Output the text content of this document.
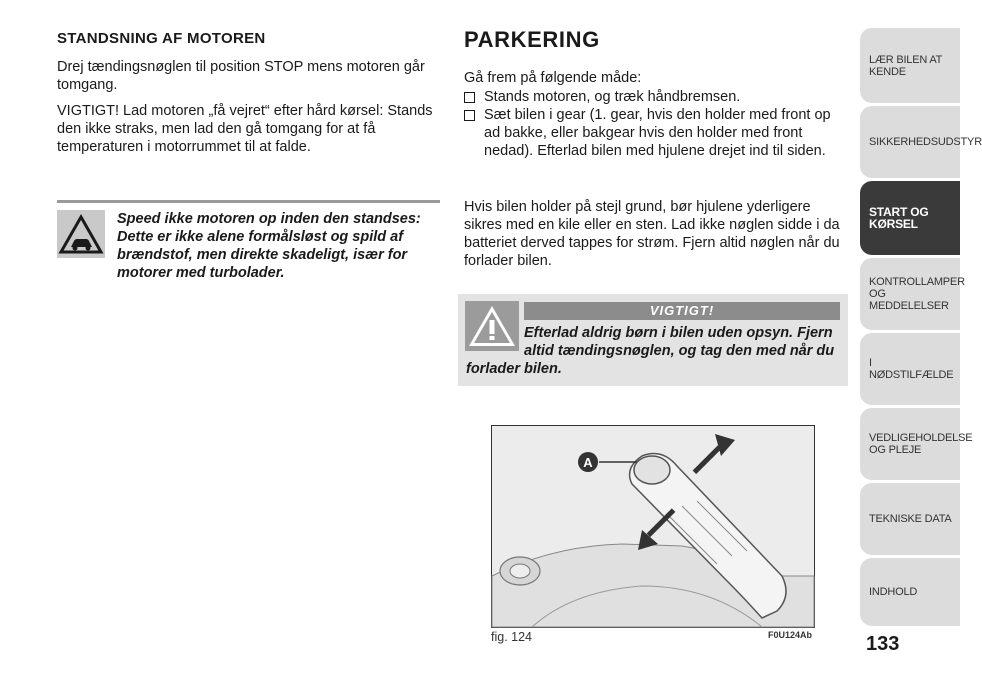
STANDSNING AF MOTOREN

Drej tændingsnøglen til position STOP mens motoren går tomgang.

VIGTIGT! Lad motoren „få vejret“ efter hård kørsel: Stands den ikke straks, men lad den gå tomgang for at få temperaturen i motorrummet til at falde.

Speed ikke motoren op inden den standses: Dette er ikke alene formålsløst og spild af brændstof, men direkte skadeligt, især for motorer med turbolader.

PARKERING

Gå frem på følgende måde:

Stands motoren, og træk håndbremsen.
Sæt bilen i gear (1. gear, hvis den holder med front op ad bakke, eller bakgear hvis den holder med front nedad). Efterlad bilen med hjulene drejet ind til siden.

Hvis bilen holder på stejl grund, bør hjulene yderligere sikres med en kile eller en sten. Lad ikke nøglen sidde i da batteriet derved tappes for strøm. Fjern altid nøglen når du forlader bilen.

VIGTIGT!

Efterlad aldrig børn i bilen uden opsyn. Fjern altid tændingsnøglen, og tag den med når du forlader bilen.

A
fig. 124	F0U124Ab	133
LÆR BILEN AT KENDE
SIKKERHEDSUDSTYR
START OG KØRSEL
KONTROLLAMPER OG MEDDELELSER
I NØDSTILFÆLDE
VEDLIGEHOLDELSE OG PLEJE
TEKNISKE DATA
INDHOLD
